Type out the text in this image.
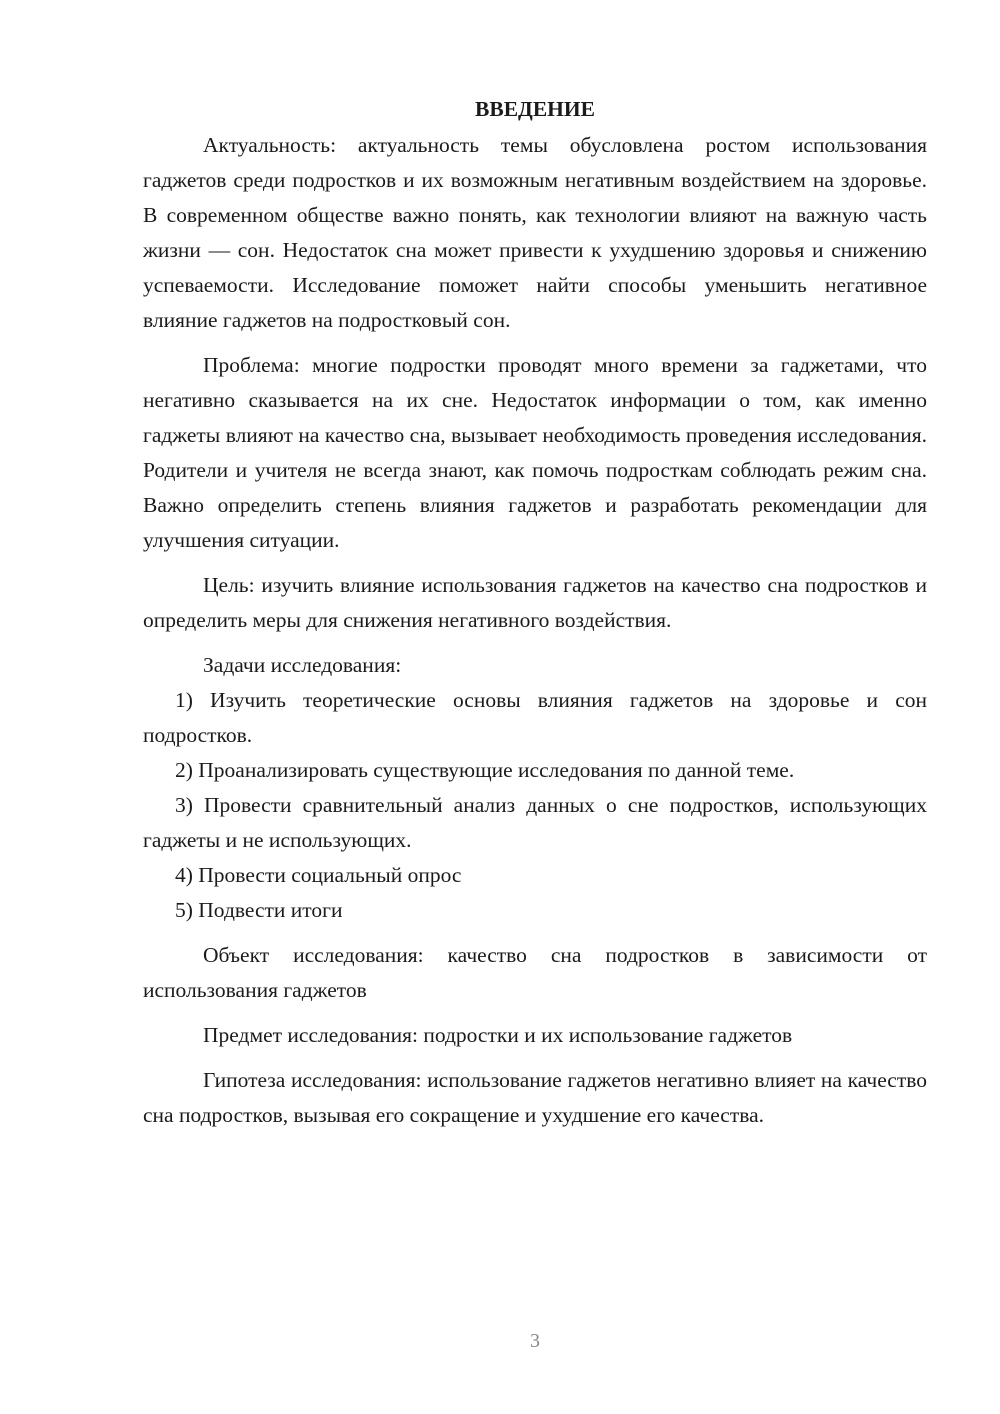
ВВЕДЕНИЕ

Актуальность: актуальность темы обусловлена ростом использования гаджетов среди подростков и их возможным негативным воздействием на здоровье. В современном обществе важно понять, как технологии влияют на важную часть жизни — сон. Недостаток сна может привести к ухудшению здоровья и снижению успеваемости. Исследование поможет найти способы уменьшить негативное влияние гаджетов на подростковый сон.

Проблема: многие подростки проводят много времени за гаджетами, что негативно сказывается на их сне. Недостаток информации о том, как именно гаджеты влияют на качество сна, вызывает необходимость проведения исследования. Родители и учителя не всегда знают, как помочь подросткам соблюдать режим сна. Важно определить степень влияния гаджетов и разработать рекомендации для улучшения ситуации.

Цель: изучить влияние использования гаджетов на качество сна подростков и определить меры для снижения негативного воздействия.

Задачи исследования:

1) Изучить теоретические основы влияния гаджетов на здоровье и сон подростков.

2) Проанализировать существующие исследования по данной теме.

3) Провести сравнительный анализ данных о сне подростков, использующих гаджеты и не использующих.

4) Провести социальный опрос

5) Подвести итоги

Объект исследования: качество сна подростков в зависимости от использования гаджетов

Предмет исследования: подростки и их использование гаджетов

Гипотеза исследования: использование гаджетов негативно влияет на качество сна подростков, вызывая его сокращение и ухудшение его качества.

3
